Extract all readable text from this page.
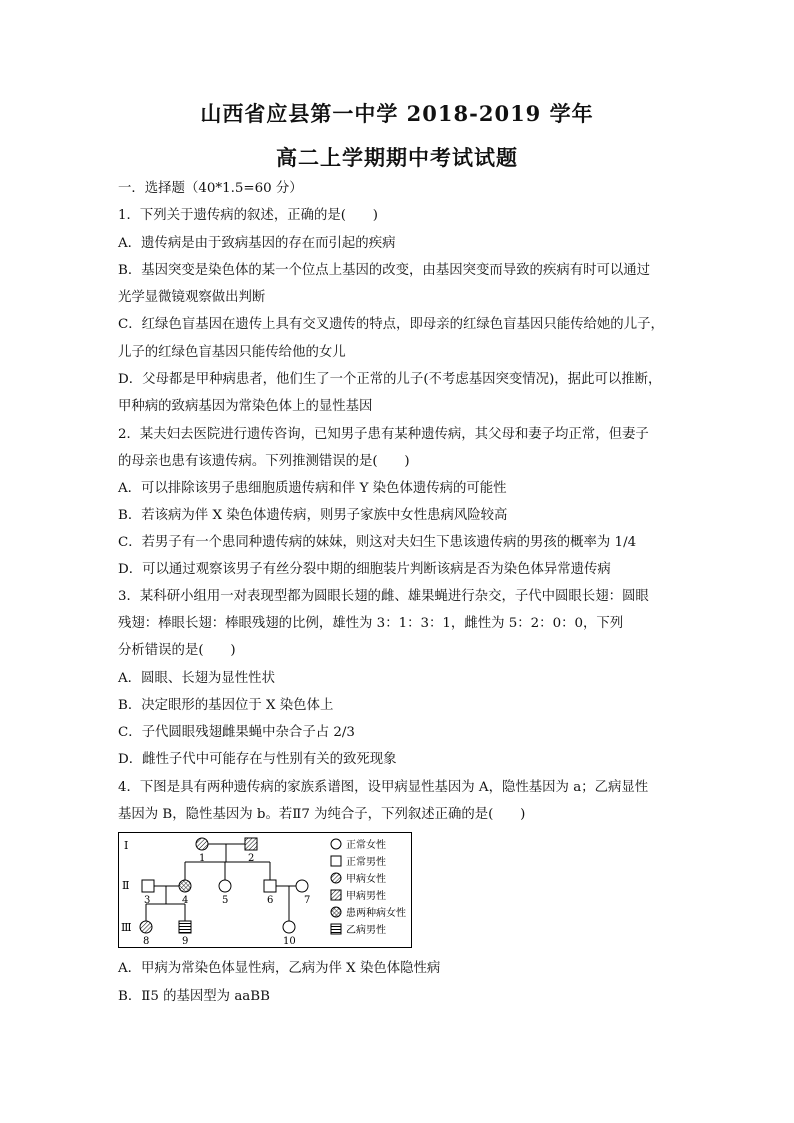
山西省应县第一中学 2018-2019 学年
高二上学期期中考试试题
一．选择题（40*1.5=60 分）
1．下列关于遗传病的叙述，正确的是(　　)
A．遗传病是由于致病基因的存在而引起的疾病
B．基因突变是染色体的某一个位点上基因的改变，由基因突变而导致的疾病有时可以通过
光学显微镜观察做出判断
C．红绿色盲基因在遗传上具有交叉遗传的特点，即母亲的红绿色盲基因只能传给她的儿子，
儿子的红绿色盲基因只能传给他的女儿
D．父母都是甲种病患者，他们生了一个正常的儿子(不考虑基因突变情况)，据此可以推断，
甲种病的致病基因为常染色体上的显性基因
2．某夫妇去医院进行遗传咨询，已知男子患有某种遗传病，其父母和妻子均正常，但妻子
的母亲也患有该遗传病。下列推测错误的是(　　)
A．可以排除该男子患细胞质遗传病和伴 Y 染色体遗传病的可能性
B．若该病为伴 X 染色体遗传病，则男子家族中女性患病风险较高
C．若男子有一个患同种遗传病的妹妹，则这对夫妇生下患该遗传病的男孩的概率为 1/4
D．可以通过观察该男子有丝分裂中期的细胞装片判断该病是否为染色体异常遗传病
3．某科研小组用一对表现型都为圆眼长翅的雌、雄果蝇进行杂交，子代中圆眼长翅：圆眼
残翅：棒眼长翅：棒眼残翅的比例，雄性为 3：1：3：1，雌性为 5：2：0：0，下列
分析错误的是(　　)
A．圆眼、长翅为显性性状
B．决定眼形的基因位于 X 染色体上
C．子代圆眼残翅雌果蝇中杂合子占 2/3
D．雌性子代中可能存在与性别有关的致死现象
4．下图是具有两种遗传病的家族系谱图，设甲病显性基因为 A，隐性基因为 a；乙病显性
基因为 B，隐性基因为 b。若Ⅱ7 为纯合子，下列叙述正确的是(　　)
Ⅰ
Ⅱ
Ⅲ
1	2
3	4	5	6	7
8	9	10
正常女性
正常男性
甲病女性
甲病男性
患两种病女性
乙病男性
A．甲病为常染色体显性病，乙病为伴 X 染色体隐性病
B．Ⅱ5 的基因型为 aaBB
